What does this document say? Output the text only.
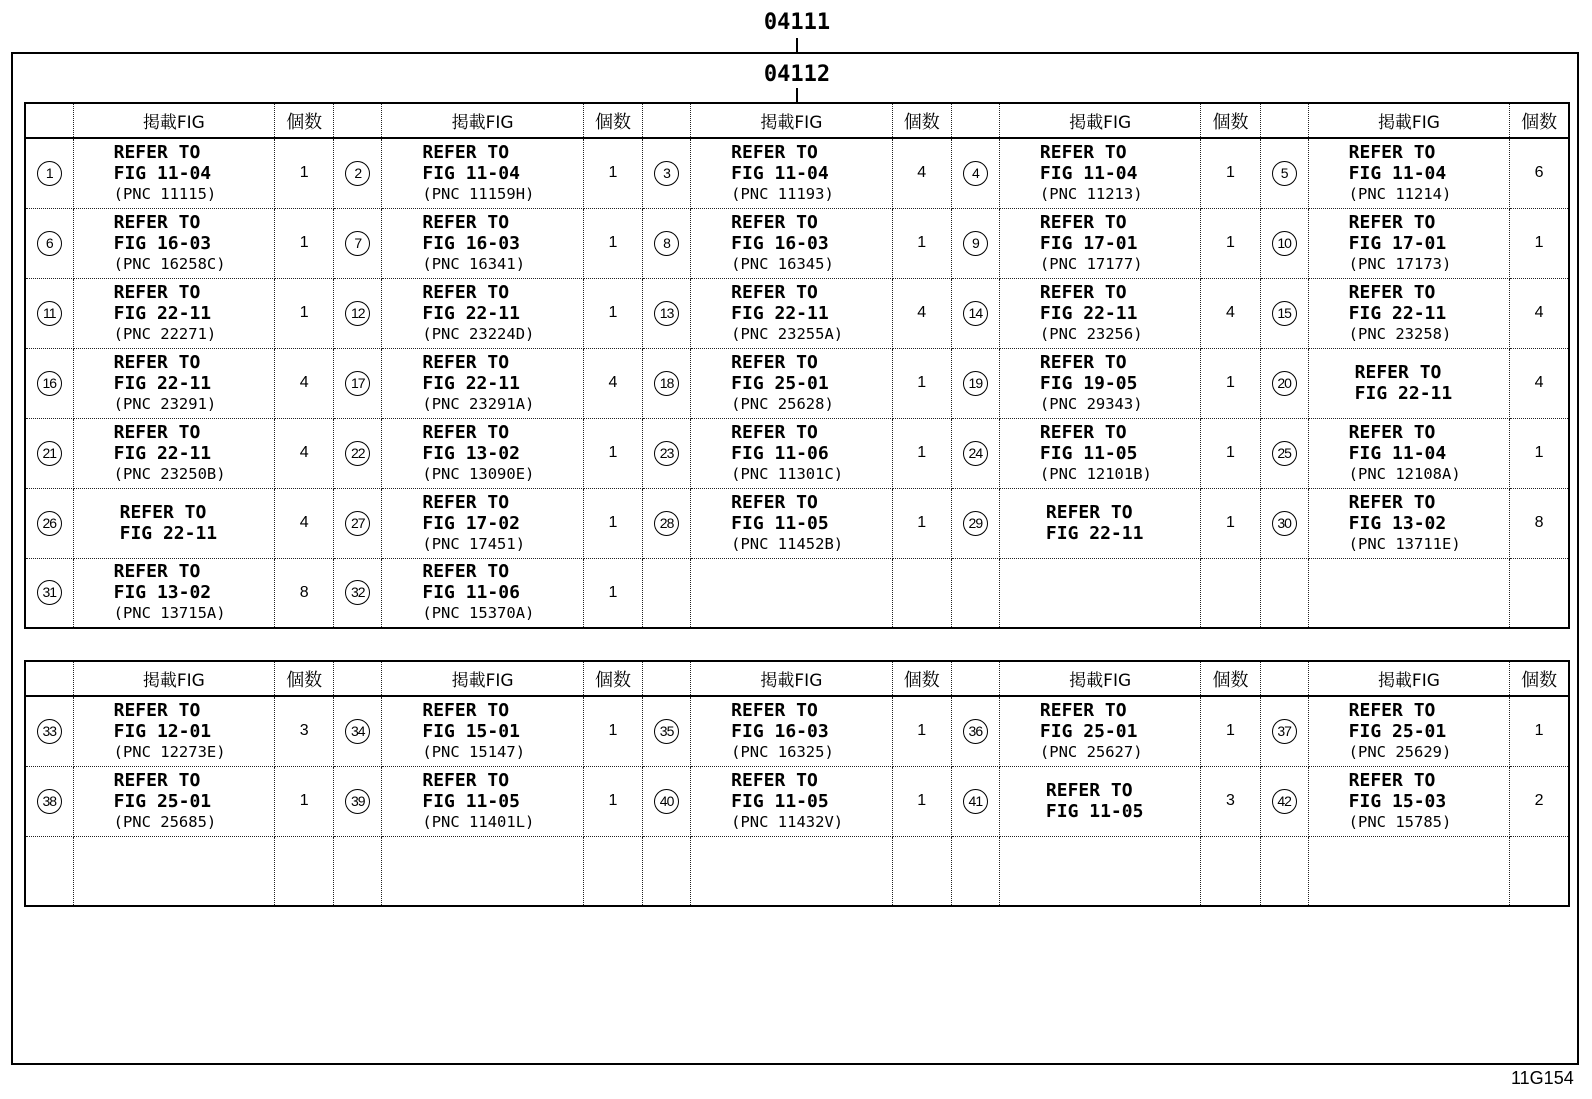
04111
04112
	掲載FIG	個数		掲載FIG	個数		掲載FIG	個数		掲載FIG	個数		掲載FIG	個数
1	REFER TO
FIG 11-04
(PNC 11115)	1	2	REFER TO
FIG 11-04
(PNC 11159H)	1	3	REFER TO
FIG 11-04
(PNC 11193)	4	4	REFER TO
FIG 11-04
(PNC 11213)	1	5	REFER TO
FIG 11-04
(PNC 11214)	6
6	REFER TO
FIG 16-03
(PNC 16258C)	1	7	REFER TO
FIG 16-03
(PNC 16341)	1	8	REFER TO
FIG 16-03
(PNC 16345)	1	9	REFER TO
FIG 17-01
(PNC 17177)	1	10	REFER TO
FIG 17-01
(PNC 17173)	1
11	REFER TO
FIG 22-11
(PNC 22271)	1	12	REFER TO
FIG 22-11
(PNC 23224D)	1	13	REFER TO
FIG 22-11
(PNC 23255A)	4	14	REFER TO
FIG 22-11
(PNC 23256)	4	15	REFER TO
FIG 22-11
(PNC 23258)	4
16	REFER TO
FIG 22-11
(PNC 23291)	4	17	REFER TO
FIG 22-11
(PNC 23291A)	4	18	REFER TO
FIG 25-01
(PNC 25628)	1	19	REFER TO
FIG 19-05
(PNC 29343)	1	20	REFER TO
FIG 22-11	4
21	REFER TO
FIG 22-11
(PNC 23250B)	4	22	REFER TO
FIG 13-02
(PNC 13090E)	1	23	REFER TO
FIG 11-06
(PNC 11301C)	1	24	REFER TO
FIG 11-05
(PNC 12101B)	1	25	REFER TO
FIG 11-04
(PNC 12108A)	1
26	REFER TO
FIG 22-11	4	27	REFER TO
FIG 17-02
(PNC 17451)	1	28	REFER TO
FIG 11-05
(PNC 11452B)	1	29	REFER TO
FIG 22-11	1	30	REFER TO
FIG 13-02
(PNC 13711E)	8
31	REFER TO
FIG 13-02
(PNC 13715A)	8	32	REFER TO
FIG 11-06
(PNC 15370A)	1									
	掲載FIG	個数		掲載FIG	個数		掲載FIG	個数		掲載FIG	個数		掲載FIG	個数
33	REFER TO
FIG 12-01
(PNC 12273E)	3	34	REFER TO
FIG 15-01
(PNC 15147)	1	35	REFER TO
FIG 16-03
(PNC 16325)	1	36	REFER TO
FIG 25-01
(PNC 25627)	1	37	REFER TO
FIG 25-01
(PNC 25629)	1
38	REFER TO
FIG 25-01
(PNC 25685)	1	39	REFER TO
FIG 11-05
(PNC 11401L)	1	40	REFER TO
FIG 11-05
(PNC 11432V)	1	41	REFER TO
FIG 11-05	3	42	REFER TO
FIG 15-03
(PNC 15785)	2

11G154
